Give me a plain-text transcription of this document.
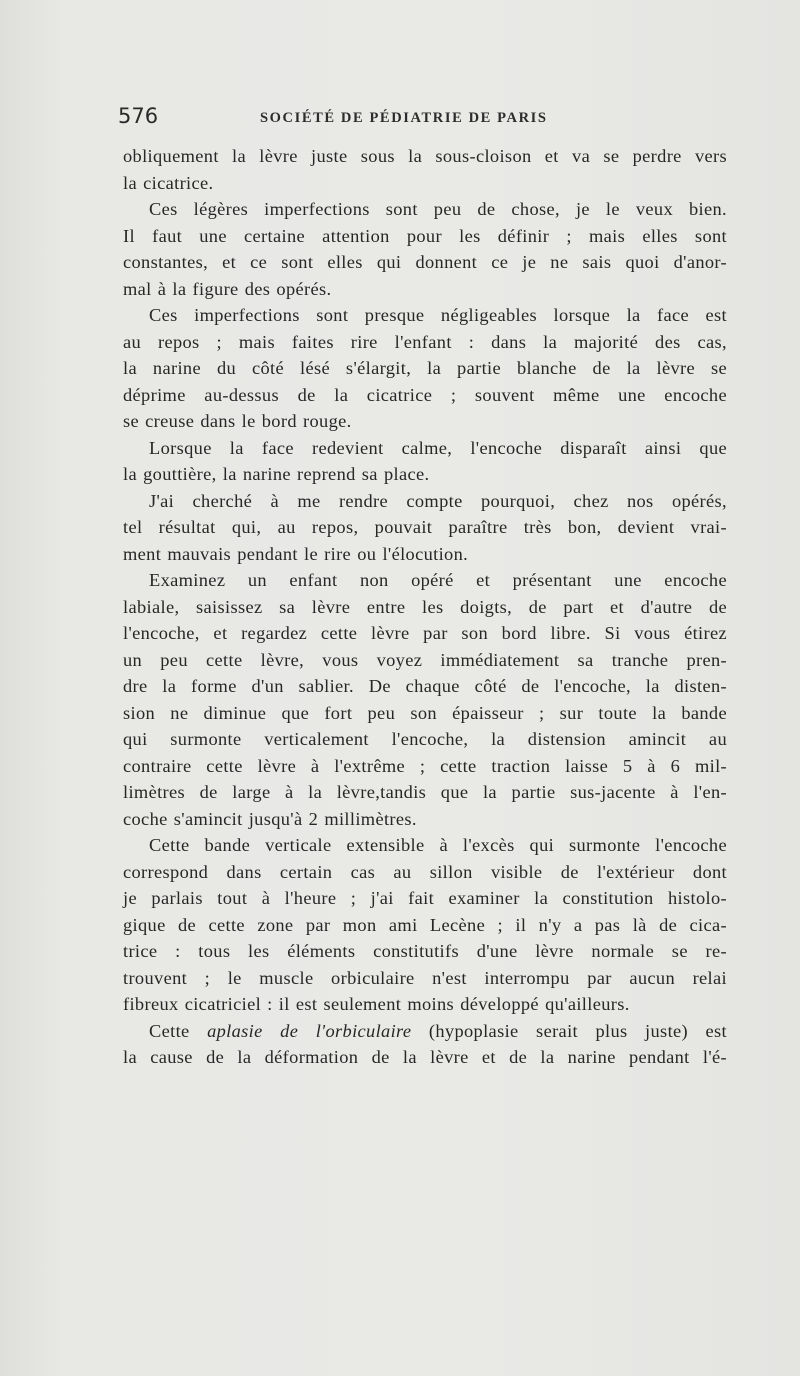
576	SOCIÉTÉ DE PÉDIATRIE DE PARIS
obliquement la lèvre juste sous la sous-cloison et va se perdre vers
la cicatrice.
Ces légères imperfections sont peu de chose, je le veux bien.
Il faut une certaine attention pour les définir ; mais elles sont
constantes, et ce sont elles qui donnent ce je ne sais quoi d'anor-
mal à la figure des opérés.
Ces imperfections sont presque négligeables lorsque la face est
au repos ; mais faites rire l'enfant : dans la majorité des cas,
la narine du côté lésé s'élargit, la partie blanche de la lèvre se
déprime au-dessus de la cicatrice ; souvent même une encoche
se creuse dans le bord rouge.
Lorsque la face redevient calme, l'encoche disparaît ainsi que
la gouttière, la narine reprend sa place.
J'ai cherché à me rendre compte pourquoi, chez nos opérés,
tel résultat qui, au repos, pouvait paraître très bon, devient vrai-
ment mauvais pendant le rire ou l'élocution.
Examinez un enfant non opéré et présentant une encoche
labiale, saisissez sa lèvre entre les doigts, de part et d'autre de
l'encoche, et regardez cette lèvre par son bord libre. Si vous étirez
un peu cette lèvre, vous voyez immédiatement sa tranche pren-
dre la forme d'un sablier. De chaque côté de l'encoche, la disten-
sion ne diminue que fort peu son épaisseur ; sur toute la bande
qui surmonte verticalement l'encoche, la distension amincit au
contraire cette lèvre à l'extrême ; cette traction laisse 5 à 6 mil-
limètres de large à la lèvre,tandis que la partie sus-jacente à l'en-
coche s'amincit jusqu'à 2 millimètres.
Cette bande verticale extensible à l'excès qui surmonte l'encoche
correspond dans certain cas au sillon visible de l'extérieur dont
je parlais tout à l'heure ; j'ai fait examiner la constitution histolo-
gique de cette zone par mon ami Lecène ; il n'y a pas là de cica-
trice : tous les éléments constitutifs d'une lèvre normale se re-
trouvent ; le muscle orbiculaire n'est interrompu par aucun relai
fibreux cicatriciel : il est seulement moins développé qu'ailleurs.
Cette aplasie de l'orbiculaire (hypoplasie serait plus juste) est
la cause de la déformation de la lèvre et de la narine pendant l'é-
